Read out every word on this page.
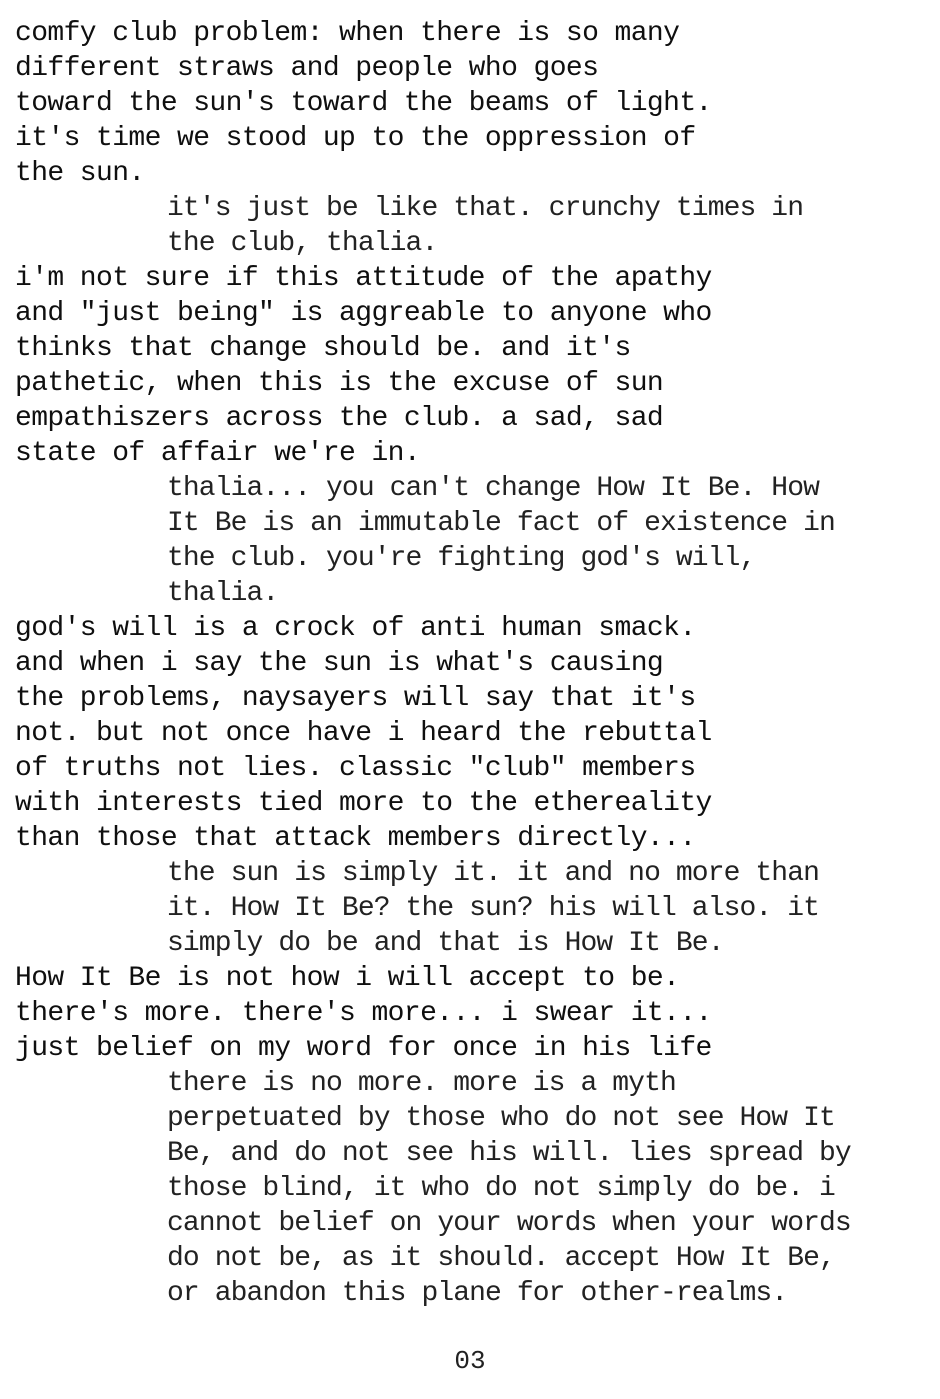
comfy club problem: when there is so many
different straws and people who goes
toward the sun's toward the beams of light.
it's time we stood up to the oppression of
the sun.
it's just be like that. crunchy times in
the club, thalia.
i'm not sure if this attitude of the apathy
and "just being" is aggreable to anyone who
thinks that change should be. and it's
pathetic, when this is the excuse of sun
empathiszers across the club. a sad, sad
state of affair we're in.
thalia... you can't change How It Be. How
It Be is an immutable fact of existence in
the club. you're fighting god's will,
thalia.
god's will is a crock of anti human smack.
and when i say the sun is what's causing
the problems, naysayers will say that it's
not. but not once have i heard the rebuttal
of truths not lies. classic "club" members
with interests tied more to the ethereality
than those that attack members directly...
the sun is simply it. it and no more than
it. How It Be? the sun? his will also. it
simply do be and that is How It Be.
How It Be is not how i will accept to be.
there's more. there's more... i swear it...
just belief on my word for once in his life
there is no more. more is a myth
perpetuated by those who do not see How It
Be, and do not see his will. lies spread by
those blind, it who do not simply do be. i
cannot belief on your words when your words
do not be, as it should. accept How It Be,
or abandon this plane for other-realms.
03
